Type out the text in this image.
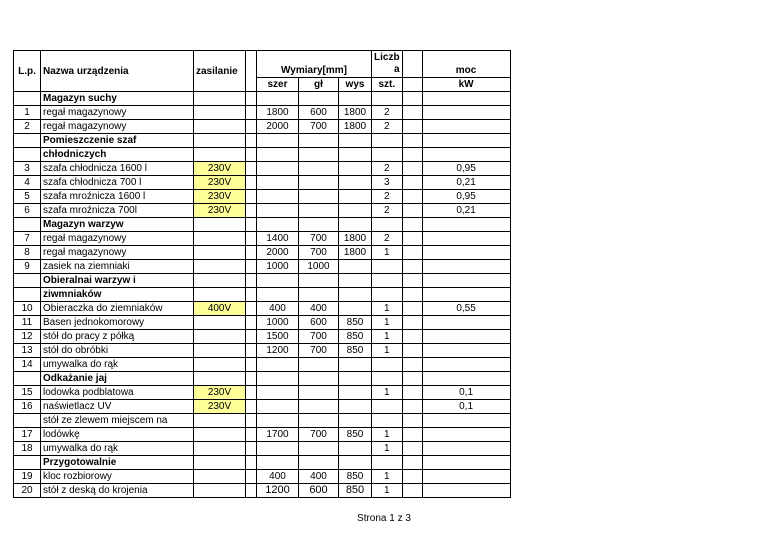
L.p.	Nazwa urządzenia	zasilanie		Wymiary[mm]			Liczb
a		moc
				szer	gł	wys	szt.		kW
	Magazyn suchy								
1	regał magazynowy			1800	600	1800	2		
2	regał magazynowy			2000	700	1800	2		
	Pomieszczenie szaf								
	chłodniczych								
3	szafa chłodnicza 1600 l	230V					2		0,95
4	szafa chłodnicza 700 l	230V					3		0,21
5	szafa mroźnicza 1600 l	230V					2		0,95
6	szafa mroźnicza 700l	230V					2		0,21
	Magazyn warzyw								
7	regał magazynowy			1400	700	1800	2		
8	regał magazynowy			2000	700	1800	1		
9	zasiek na ziemniaki			1000	1000				
	Obieralnai warzyw i								
	ziwmniaków								
10	Obieraczka do ziemniaków	400V		400	400		1		0,55
11	Basen jednokomorowy			1000	600	850	1		
12	stół do pracy z półką			1500	700	850	1		
13	stół do obróbki			1200	700	850	1		
14	umywalka do rąk								
	Odkażanie jaj								
15	lodowka podblatowa	230V					1		0,1
16	naświetlacz UV	230V							0,1
	stół ze zlewem miejscem na								
17	lodówkę			1700	700	850	1		
18	umywalka do rąk						1		
	Przygotowalnie								
19	kloc rozbiorowy			400	400	850	1		
20	stół z deską do krojenia			1200	600	850	1		
Strona 1 z 3
